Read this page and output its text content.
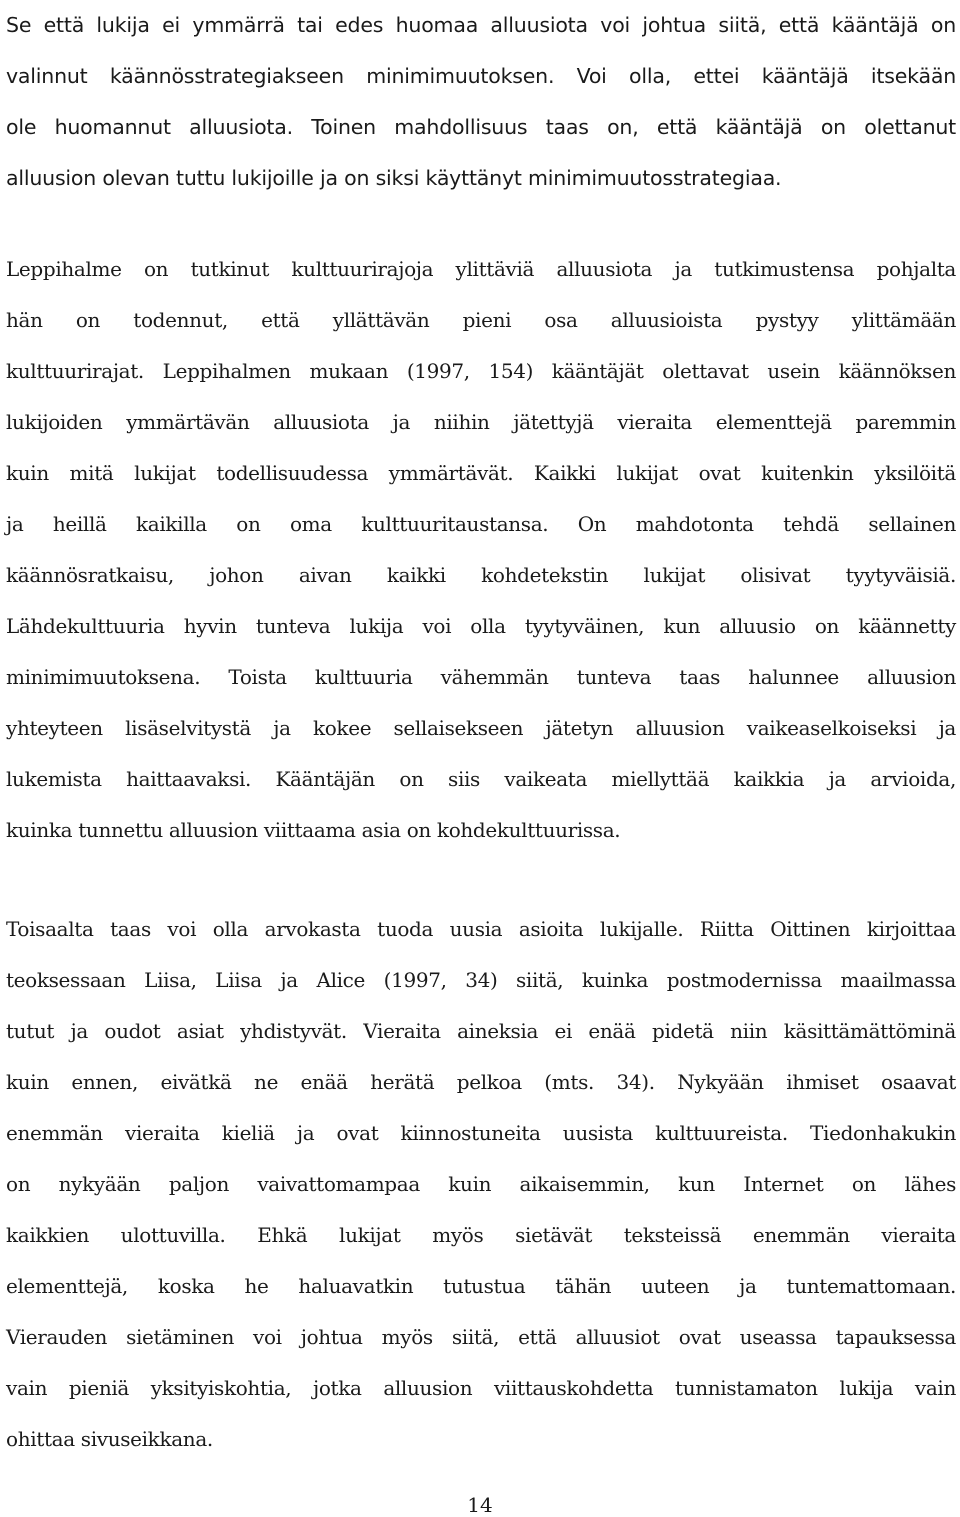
Se että lukija ei ymmärrä tai edes huomaa alluusiota voi johtua siitä, että kääntäjä on
valinnut käännösstrategiakseen minimimuutoksen. Voi olla, ettei kääntäjä itsekään
ole huomannut alluusiota. Toinen mahdollisuus taas on, että kääntäjä on olettanut
alluusion olevan tuttu lukijoille ja on siksi käyttänyt minimimuutosstrategiaa.
Leppihalme on tutkinut kulttuurirajoja ylittäviä alluusiota ja tutkimustensa pohjalta
hän on todennut, että yllättävän pieni osa alluusioista pystyy ylittämään
kulttuurirajat. Leppihalmen mukaan (1997, 154) kääntäjät olettavat usein käännöksen
lukijoiden ymmärtävän alluusiota ja niihin jätettyjä vieraita elementtejä paremmin
kuin mitä lukijat todellisuudessa ymmärtävät. Kaikki lukijat ovat kuitenkin yksilöitä
ja heillä kaikilla on oma kulttuuritaustansa. On mahdotonta tehdä sellainen
käännösratkaisu, johon aivan kaikki kohdetekstin lukijat olisivat tyytyväisiä.
Lähdekulttuuria hyvin tunteva lukija voi olla tyytyväinen, kun alluusio on käännetty
minimimuutoksena. Toista kulttuuria vähemmän tunteva taas halunnee alluusion
yhteyteen lisäselvitystä ja kokee sellaisekseen jätetyn alluusion vaikeaselkoiseksi ja
lukemista haittaavaksi. Kääntäjän on siis vaikeata miellyttää kaikkia ja arvioida,
kuinka tunnettu alluusion viittaama asia on kohdekulttuurissa.
Toisaalta taas voi olla arvokasta tuoda uusia asioita lukijalle. Riitta Oittinen kirjoittaa
teoksessaan Liisa, Liisa ja Alice (1997, 34) siitä, kuinka postmodernissa maailmassa
tutut ja oudot asiat yhdistyvät. Vieraita aineksia ei enää pidetä niin käsittämättöminä
kuin ennen, eivätkä ne enää herätä pelkoa (mts. 34). Nykyään ihmiset osaavat
enemmän vieraita kieliä ja ovat kiinnostuneita uusista kulttuureista. Tiedonhakukin
on nykyään paljon vaivattomampaa kuin aikaisemmin, kun Internet on lähes
kaikkien ulottuvilla. Ehkä lukijat myös sietävät teksteissä enemmän vieraita
elementtejä, koska he haluavatkin tutustua tähän uuteen ja tuntemattomaan.
Vierauden sietäminen voi johtua myös siitä, että alluusiot ovat useassa tapauksessa
vain pieniä yksityiskohtia, jotka alluusion viittauskohdetta tunnistamaton lukija vain
ohittaa sivuseikkana.
14
